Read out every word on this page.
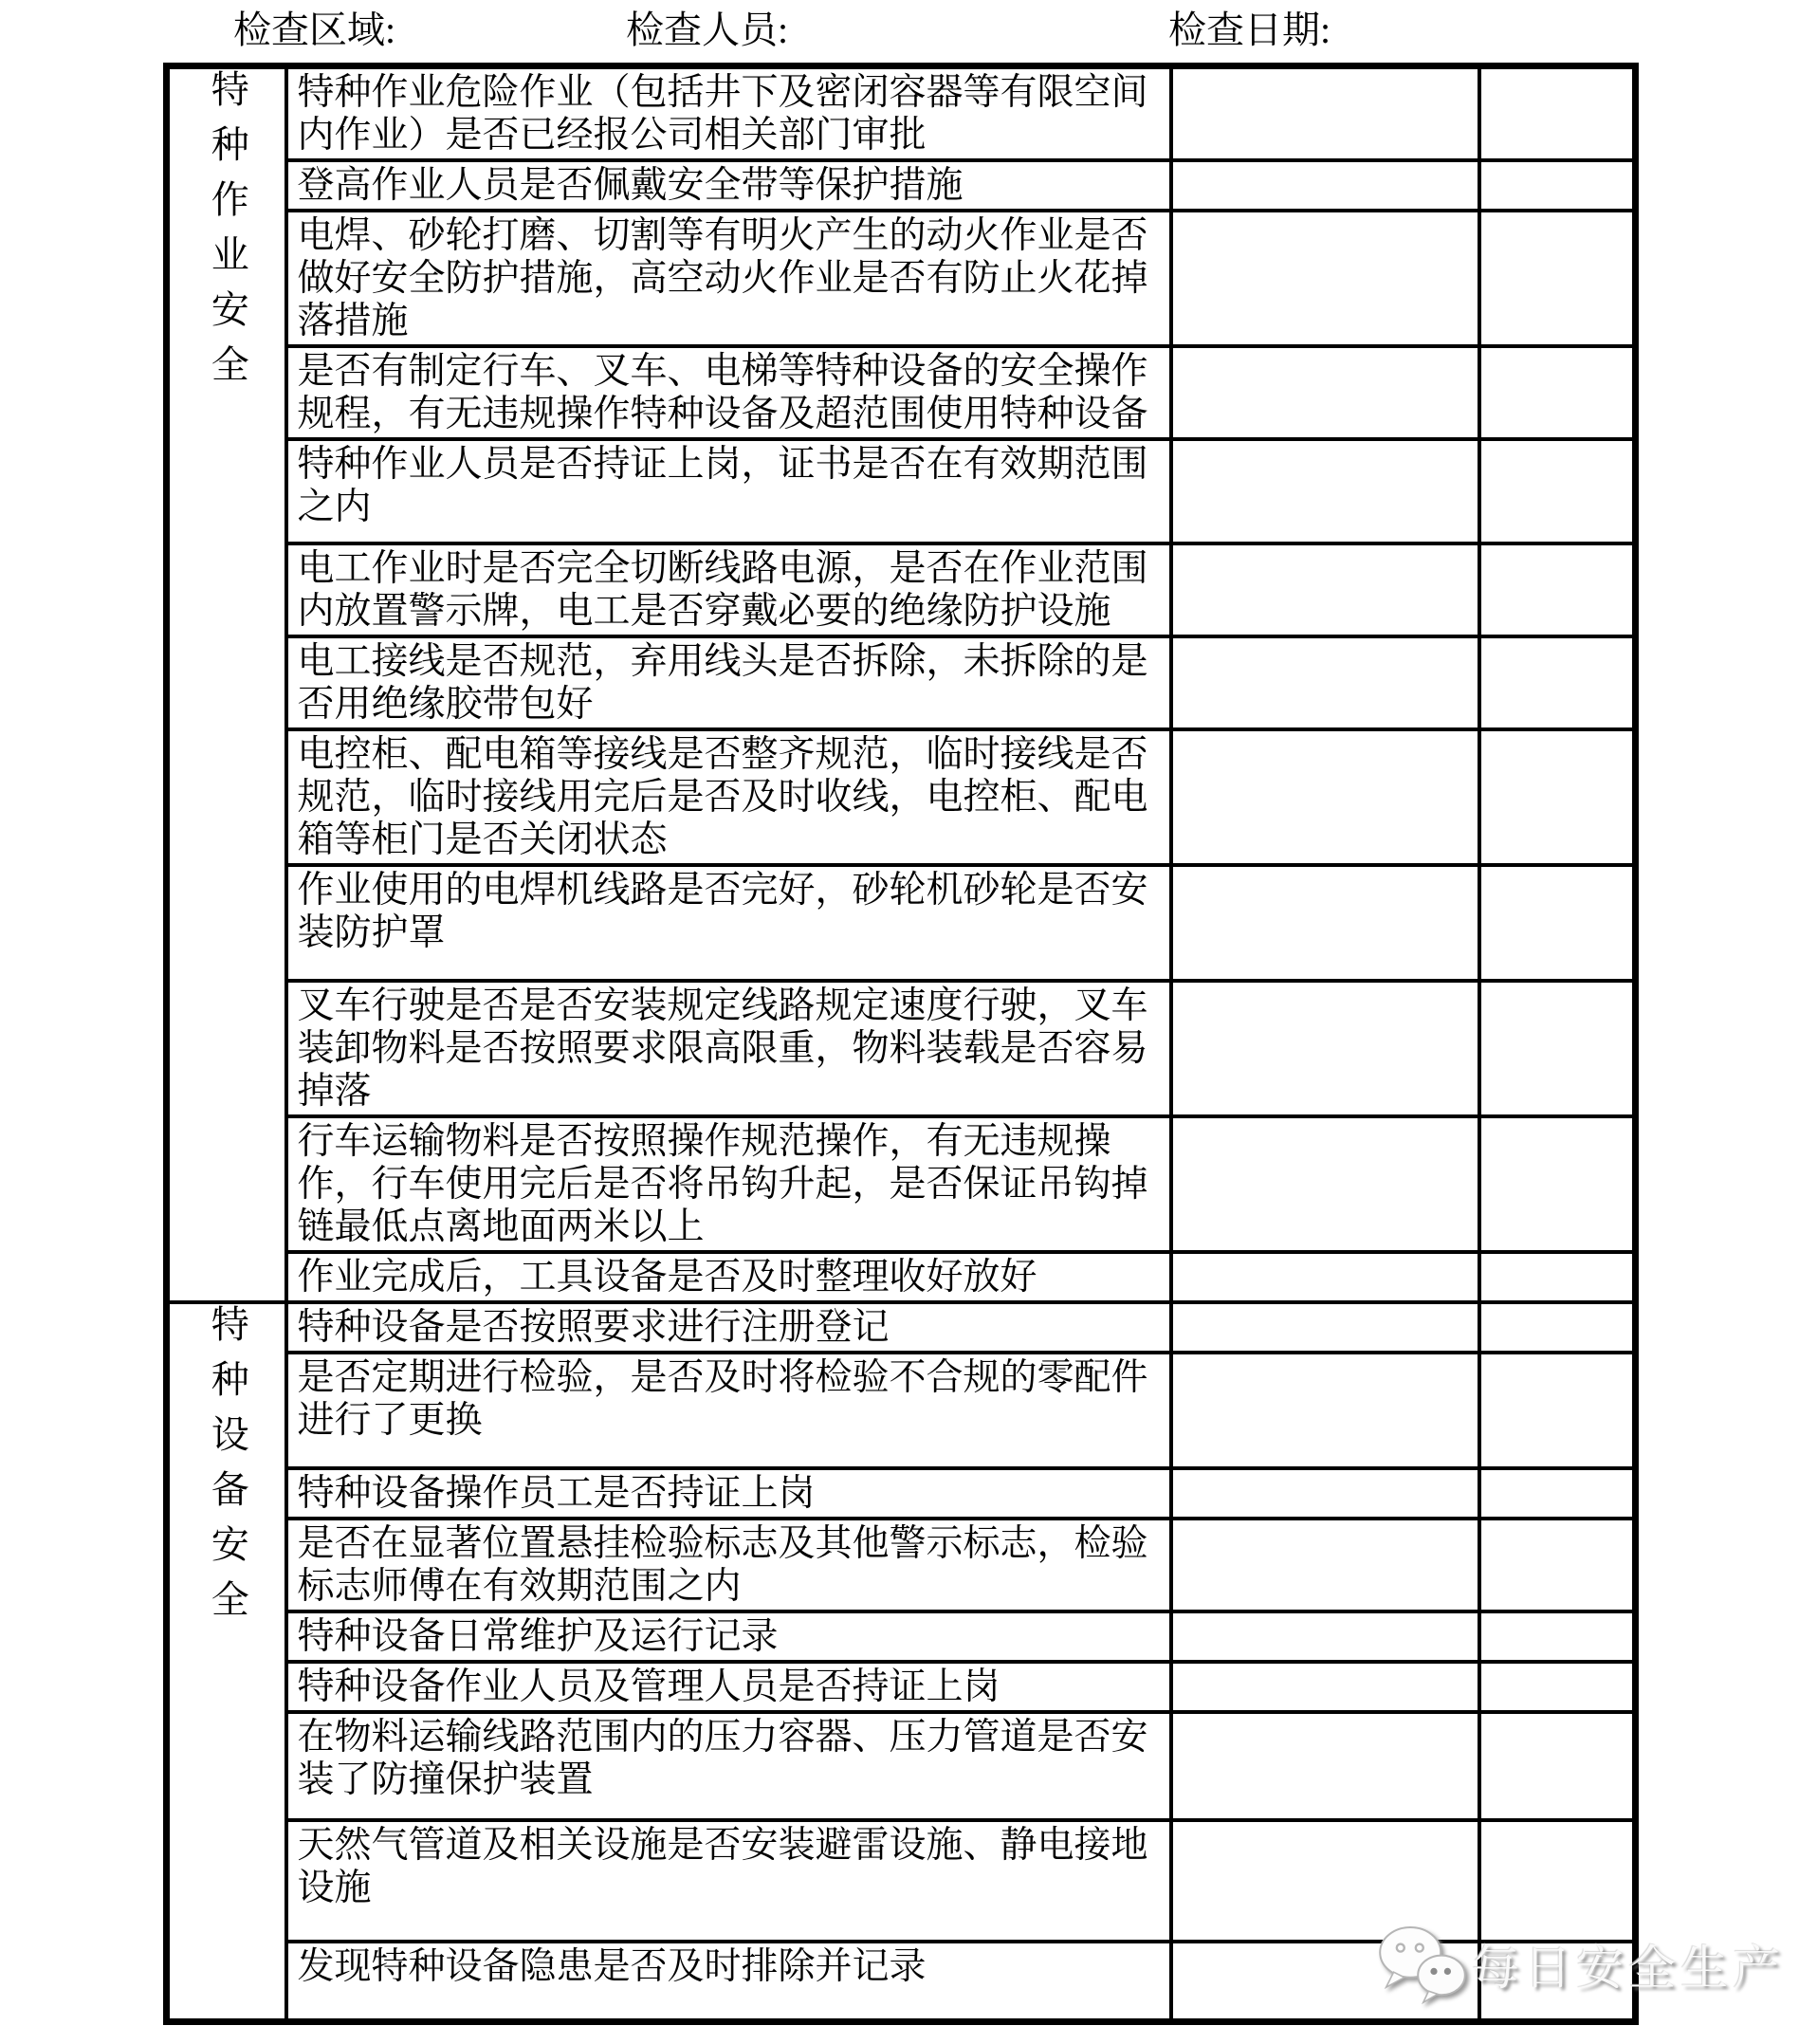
检查区域:	检查人员:	检查日期:
特种作业安全	特种作业危险作业（包括井下及密闭容器等有限空间内作业）是否已经报公司相关部门审批		
	登高作业人员是否佩戴安全带等保护措施		
	电焊、砂轮打磨、切割等有明火产生的动火作业是否做好安全防护措施，高空动火作业是否有防止火花掉落措施		
	是否有制定行车、叉车、电梯等特种设备的安全操作规程，有无违规操作特种设备及超范围使用特种设备		
	特种作业人员是否持证上岗，证书是否在有效期范围之内		
	电工作业时是否完全切断线路电源，是否在作业范围内放置警示牌，电工是否穿戴必要的绝缘防护设施		
	电工接线是否规范，弃用线头是否拆除，未拆除的是否用绝缘胶带包好		
	电控柜、配电箱等接线是否整齐规范，临时接线是否规范，临时接线用完后是否及时收线，电控柜、配电箱等柜门是否关闭状态		
	作业使用的电焊机线路是否完好，砂轮机砂轮是否安装防护罩		
	叉车行驶是否是否安装规定线路规定速度行驶，叉车装卸物料是否按照要求限高限重，物料装载是否容易掉落		
	行车运输物料是否按照操作规范操作，有无违规操作，行车使用完后是否将吊钩升起，是否保证吊钩掉链最低点离地面两米以上		
	作业完成后，工具设备是否及时整理收好放好		
特种设备安全	特种设备是否按照要求进行注册登记		
	是否定期进行检验，是否及时将检验不合规的零配件进行了更换		
	特种设备操作员工是否持证上岗		
	是否在显著位置悬挂检验标志及其他警示标志，检验标志师傅在有效期范围之内		
	特种设备日常维护及运行记录		
	特种设备作业人员及管理人员是否持证上岗		
	在物料运输线路范围内的压力容器、压力管道是否安装了防撞保护装置		
	天然气管道及相关设施是否安装避雷设施、静电接地设施		
	发现特种设备隐患是否及时排除并记录			每日安全生产
